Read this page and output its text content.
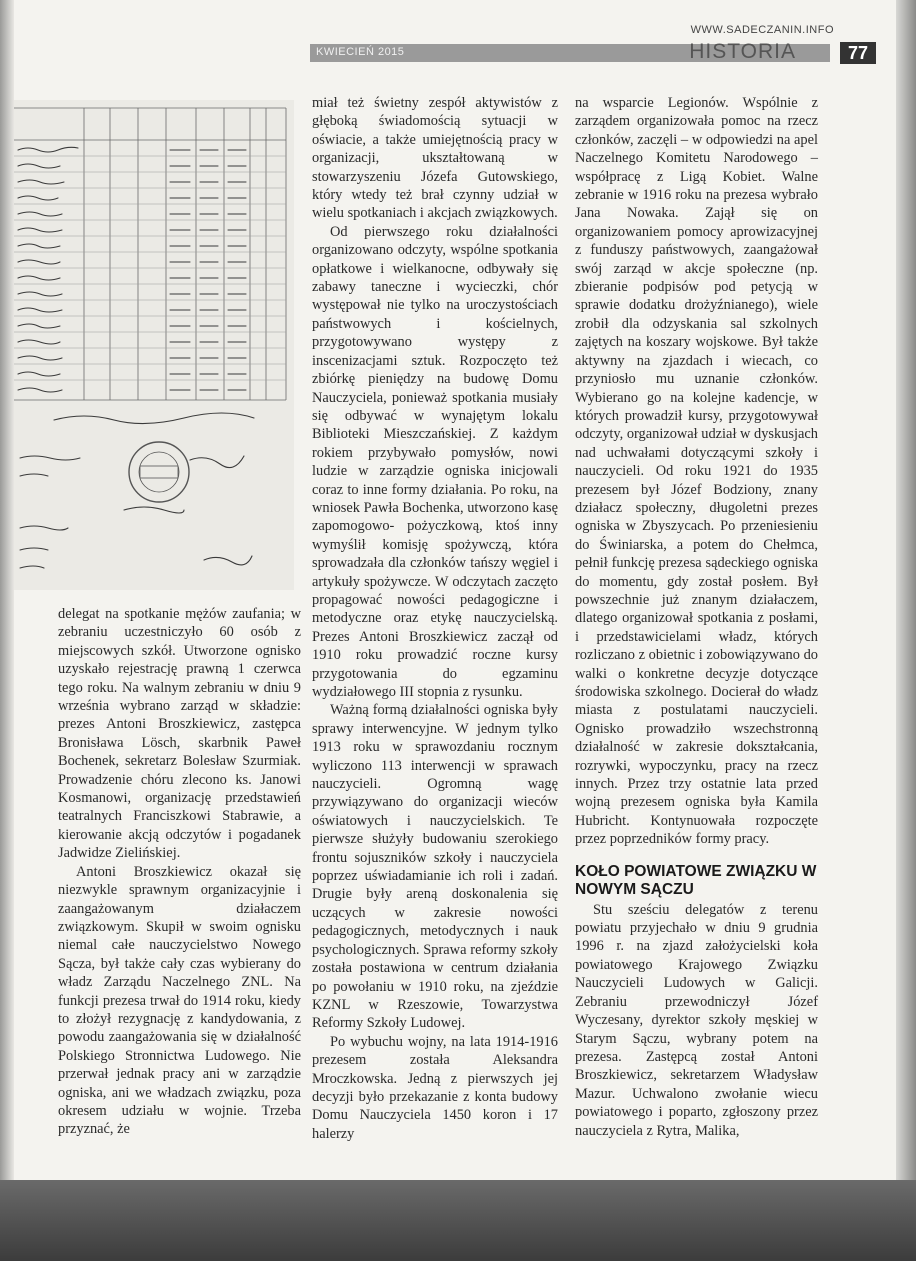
WWW.SADECZANIN.INFO
KWIECIEŃ 2015	HISTORIA	77

delegat na spotkanie mężów zaufania; w zebraniu uczestniczyło 60 osób z miejscowych szkół. Utworzone ognisko uzyskało rejestrację prawną 1 czerwca tego roku. Na walnym zebraniu w dniu 9 września wybrano zarząd w składzie: prezes Antoni Broszkiewicz, zastępca Bronisława Lösch, skarbnik Paweł Bochenek, sekretarz Bolesław Szurmiak. Prowadzenie chóru zlecono ks. Janowi Kosmanowi, organizację przedstawień teatralnych Franciszkowi Stabrawie, a kierowanie akcją odczytów i pogadanek Jadwidze Zielińskiej.

Antoni Broszkiewicz okazał się niezwykle sprawnym organizacyjnie i zaangażowanym działaczem związkowym. Skupił w swoim ognisku niemal całe nauczycielstwo Nowego Sącza, był także cały czas wybierany do władz Zarządu Naczelnego ZNL. Na funkcji prezesa trwał do 1914 roku, kiedy to złożył rezygnację z kandydowania, z powodu zaangażowania się w działalność Polskiego Stronnictwa Ludowego. Nie przerwał jednak pracy ani w zarządzie ogniska, ani we władzach związku, poza okresem udziału w wojnie. Trzeba przyznać, że

miał też świetny zespół aktywistów z głęboką świadomością sytuacji w oświacie, a także umiejętnością pracy w organizacji, ukształtowaną w stowarzyszeniu Józefa Gutowskiego, który wtedy też brał czynny udział w wielu spotkaniach i akcjach związkowych.

Od pierwszego roku działalności organizowano odczyty, wspólne spotkania opłatkowe i wielkanocne, odbywały się zabawy taneczne i wycieczki, chór występował nie tylko na uroczystościach państwowych i kościelnych, przygotowywano występy z inscenizacjami sztuk. Rozpoczęto też zbiórkę pieniędzy na budowę Domu Nauczyciela, ponieważ spotkania musiały się odbywać w wynajętym lokalu Biblioteki Mieszczańskiej. Z każdym rokiem przybywało pomysłów, nowi ludzie w zarządzie ogniska inicjowali coraz to inne formy działania. Po roku, na wniosek Pawła Bochenka, utworzono kasę zapomogowo- pożyczkową, ktoś inny wymyślił komisję spożywczą, która sprowadzała dla członków tańszy węgiel i artykuły spożywcze. W odczytach zaczęto propagować nowości pedagogiczne i metodyczne oraz etykę nauczycielską. Prezes Antoni Broszkiewicz zaczął od 1910 roku prowadzić roczne kursy przygotowania do egzaminu wydziałowego III stopnia z rysunku.

Ważną formą działalności ogniska były sprawy interwencyjne. W jednym tylko 1913 roku w sprawozdaniu rocznym wyliczono 113 interwencji w sprawach nauczycieli. Ogromną wagę przywiązywano do organizacji wieców oświatowych i nauczycielskich. Te pierwsze służyły budowaniu szerokiego frontu sojuszników szkoły i nauczyciela poprzez uświadamianie ich roli i zadań. Drugie były areną doskonalenia się uczących w zakresie nowości pedagogicznych, metodycznych i nauk psychologicznych. Sprawa reformy szkoły została postawiona w centrum działania po powołaniu w 1910 roku, na zjeździe KZNL w Rzeszowie, Towarzystwa Reformy Szkoły Ludowej.

Po wybuchu wojny, na lata 1914-1916 prezesem została Aleksandra Mroczkowska. Jedną z pierwszych jej decyzji było przekazanie z konta budowy Domu Nauczyciela 1450 koron i 17 halerzy

na wsparcie Legionów. Wspólnie z zarządem organizowała pomoc na rzecz członków, zaczęli – w odpowiedzi na apel Naczelnego Komitetu Narodowego – współpracę z Ligą Kobiet. Walne zebranie w 1916 roku na prezesa wybrało Jana Nowaka. Zajął się on organizowaniem pomocy aprowizacyjnej z funduszy państwowych, zaangażował swój zarząd w akcje społeczne (np. zbieranie podpisów pod petycją w sprawie dodatku drożyźnianego), wiele zrobił dla odzyskania sal szkolnych zajętych na koszary wojskowe. Był także aktywny na zjazdach i wiecach, co przyniosło mu uznanie członków. Wybierano go na kolejne kadencje, w których prowadził kursy, przygotowywał odczyty, organizował udział w dyskusjach nad uchwałami dotyczącymi szkoły i nauczycieli. Od roku 1921 do 1935 prezesem był Józef Bodziony, znany działacz społeczny, długoletni prezes ogniska w Zbyszycach. Po przeniesieniu do Świniarska, a potem do Chełmca, pełnił funkcję prezesa sądeckiego ogniska do momentu, gdy został posłem. Był powszechnie już znanym działaczem, dlatego organizował spotkania z posłami, i przedstawicielami władz, których rozliczano z obietnic i zobowiązywano do walki o konkretne decyzje dotyczące środowiska szkolnego. Docierał do władz miasta z postulatami nauczycieli. Ognisko prowadziło wszechstronną działalność w zakresie dokształcania, rozrywki, wypoczynku, pracy na rzecz innych. Przez trzy ostatnie lata przed wojną prezesem ogniska była Kamila Hubricht. Kontynuowała rozpoczęte przez poprzedników formy pracy.

KOŁO POWIATOWE ZWIĄZKU W NOWYM SĄCZU

Stu sześciu delegatów z terenu powiatu przyjechało w dniu 9 grudnia 1996 r. na zjazd założycielski koła powiatowego Krajowego Związku Nauczycieli Ludowych w Galicji. Zebraniu przewodniczył Józef Wyczesany, dyrektor szkoły męskiej w Starym Sączu, wybrany potem na prezesa. Zastępcą został Antoni Broszkiewicz, sekretarzem Władysław Mazur. Uchwalono zwołanie wiecu powiatowego i poparto, zgłoszony przez nauczyciela z Rytra, Malika,
